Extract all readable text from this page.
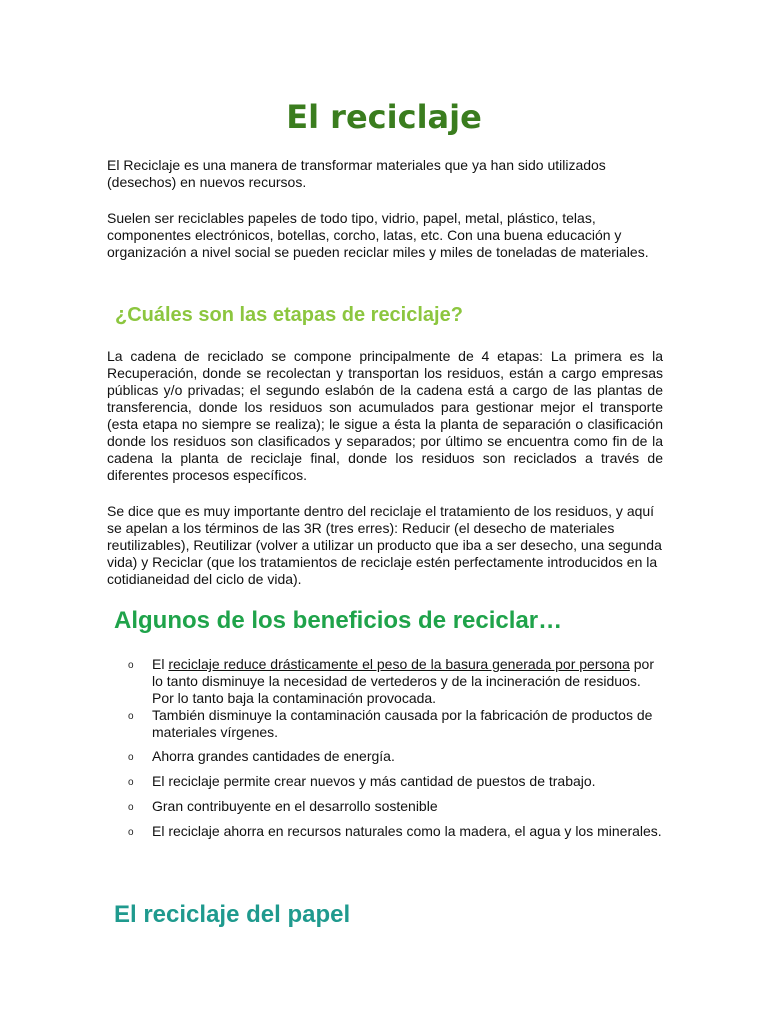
El reciclaje

El Reciclaje es una manera de transformar materiales que ya han sido utilizados (desechos) en nuevos recursos.

Suelen ser reciclables papeles de todo tipo, vidrio, papel, metal, plástico, telas, componentes electrónicos, botellas, corcho, latas, etc. Con una buena educación y organización a nivel social se pueden reciclar miles y miles de toneladas de materiales.

¿Cuáles son las etapas de reciclaje?

La cadena de reciclado se compone principalmente de 4 etapas: La primera es la Recuperación, donde se recolectan y transportan los residuos, están a cargo empresas públicas y/o privadas; el segundo eslabón de la cadena está a cargo de las plantas de transferencia, donde los residuos son acumulados para gestionar mejor el transporte (esta etapa no siempre se realiza); le sigue a ésta la planta de separación o clasificación donde los residuos son clasificados y separados; por último se encuentra como fin de la cadena la planta de reciclaje final, donde los residuos son reciclados a través de diferentes procesos específicos.

Se dice que es muy importante dentro del reciclaje el tratamiento de los residuos, y aquí se apelan a los términos de las 3R (tres erres): Reducir (el desecho de materiales reutilizables), Reutilizar (volver a utilizar un producto que iba a ser desecho, una segunda vida) y Reciclar (que los tratamientos de reciclaje estén perfectamente introducidos en la cotidianeidad del ciclo de vida).

Algunos de los beneficios de reciclar…
o El reciclaje reduce drásticamente el peso de la basura generada por persona por lo tanto disminuye la necesidad de vertederos y de la incineración de residuos. Por lo tanto baja la contaminación provocada.
o También disminuye la contaminación causada por la fabricación de productos de materiales vírgenes.
o Ahorra grandes cantidades de energía.
o El reciclaje permite crear nuevos y más cantidad de puestos de trabajo.
o Gran contribuyente en el desarrollo sostenible
o El reciclaje ahorra en recursos naturales como la madera, el agua y los minerales.
El reciclaje del papel
